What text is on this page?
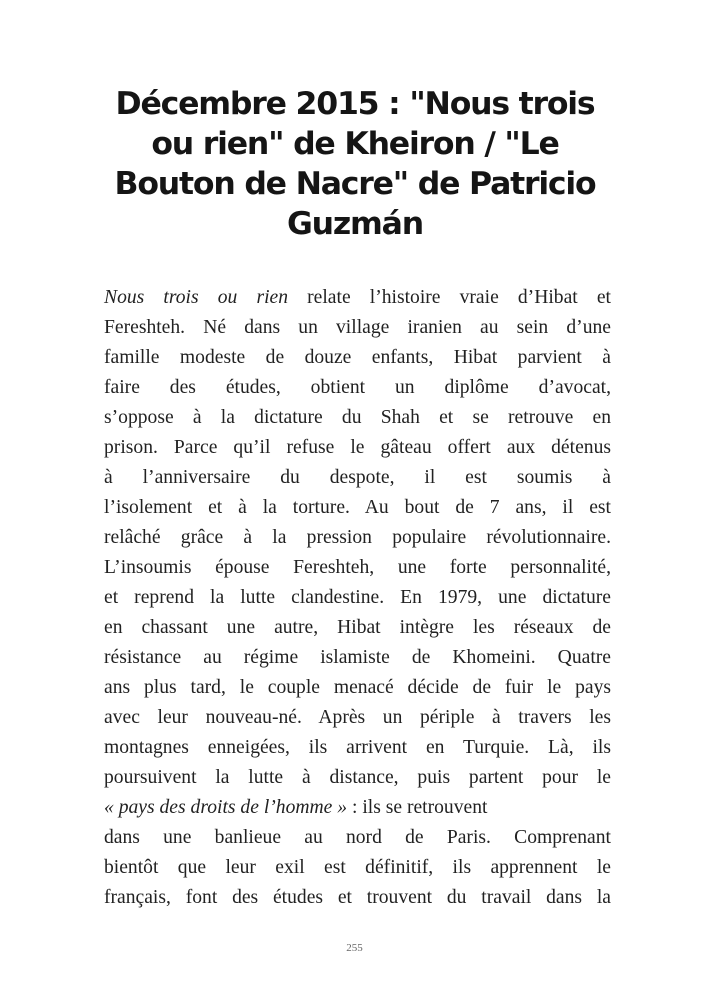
Décembre 2015 : "Nous trois
ou rien" de Kheiron / "Le
Bouton de Nacre" de Patricio
Guzmán
Nous trois ou rien relate l’histoire vraie d’Hibat et
Fereshteh. Né dans un village iranien au sein d’une
famille modeste de douze enfants, Hibat parvient à
faire des études, obtient un diplôme d’avocat,
s’oppose à la dictature du Shah et se retrouve en
prison. Parce qu’il refuse le gâteau offert aux détenus
à l’anniversaire du despote, il est soumis à
l’isolement et à la torture. Au bout de 7 ans, il est
relâché grâce à la pression populaire révolutionnaire.
L’insoumis épouse Fereshteh, une forte personnalité,
et reprend la lutte clandestine. En 1979, une dictature
en chassant une autre, Hibat intègre les réseaux de
résistance au régime islamiste de Khomeini. Quatre
ans plus tard, le couple menacé décide de fuir le pays
avec leur nouveau-né. Après un périple à travers les
montagnes enneigées, ils arrivent en Turquie. Là, ils
poursuivent la lutte à distance, puis partent pour le
« pays des droits de l’homme » : ils se retrouvent
dans une banlieue au nord de Paris. Comprenant
bientôt que leur exil est définitif, ils apprennent le
français, font des études et trouvent du travail dans la
255
